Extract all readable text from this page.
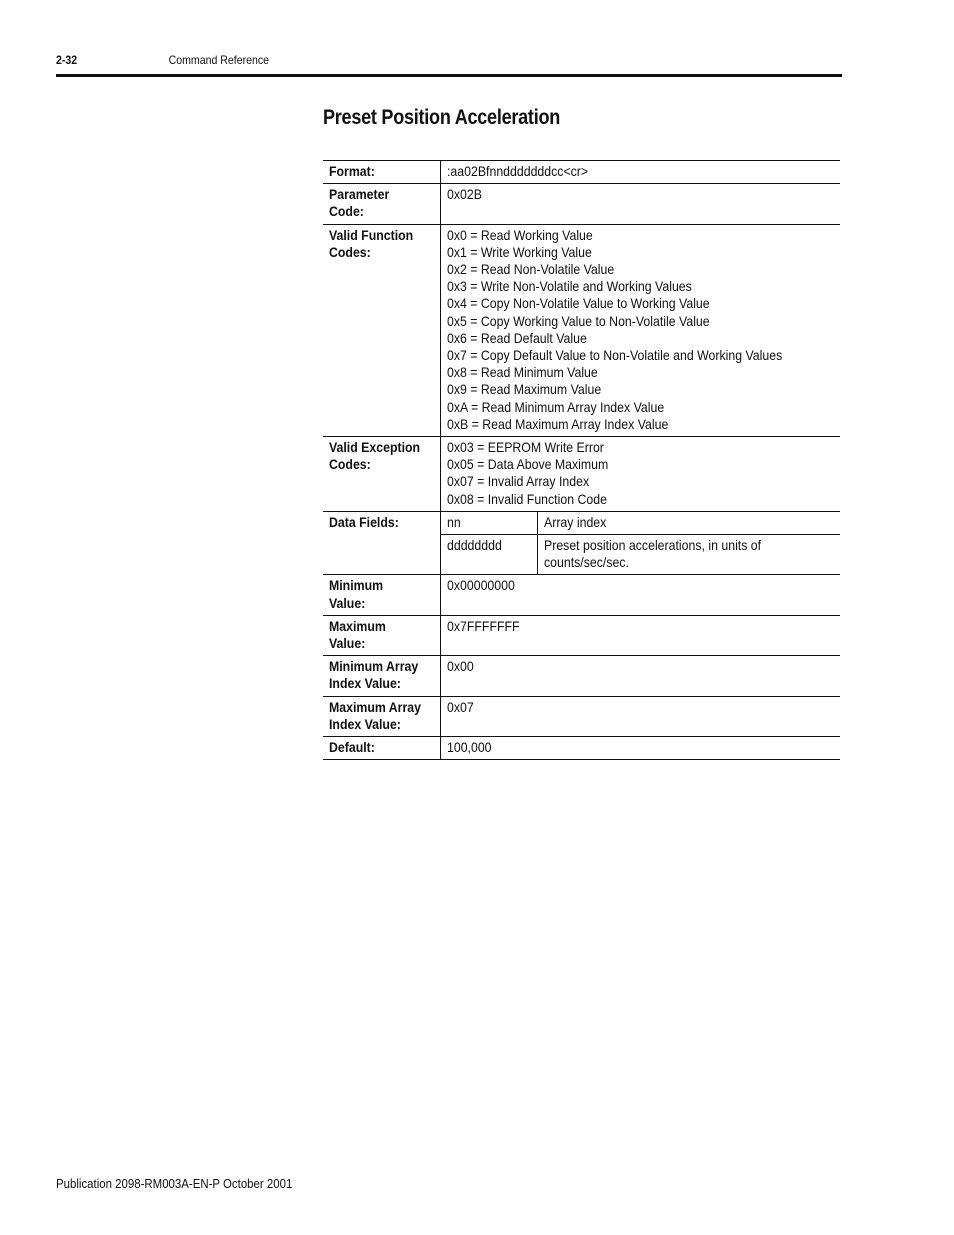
2-32	Command Reference
Preset Position Acceleration
Format:	:aa02Bfnndddddddcc<cr>

Parameter
Code:
	0x02B

Valid Function
Codes:

0x0 = Read Working Value
0x1 = Write Working Value
0x2 = Read Non-Volatile Value
0x3 = Write Non-Volatile and Working Values
0x4 = Copy Non-Volatile Value to Working Value
0x5 = Copy Working Value to Non-Volatile Value
0x6 = Read Default Value
0x7 = Copy Default Value to Non-Volatile and Working Values
0x8 = Read Minimum Value
0x9 = Read Maximum Value
0xA = Read Minimum Array Index Value
0xB = Read Maximum Array Index Value

Valid Exception
Codes:

0x03 = EEPROM Write Error
0x05 = Data Above Maximum
0x07 = Invalid Array Index
0x08 = Invalid Function Code

Data Fields:		nn	Array index
dddddddd	Preset position accelerations, in units of counts/sec/sec.

Minimum
Value:
	0x00000000

Maximum
Value:
	0x7FFFFFFF

Minimum Array
Index Value:
	0x00

Maximum Array
Index Value:
	0x07
Default:	100,000
Publication 2098-RM003A-EN-P October 2001
